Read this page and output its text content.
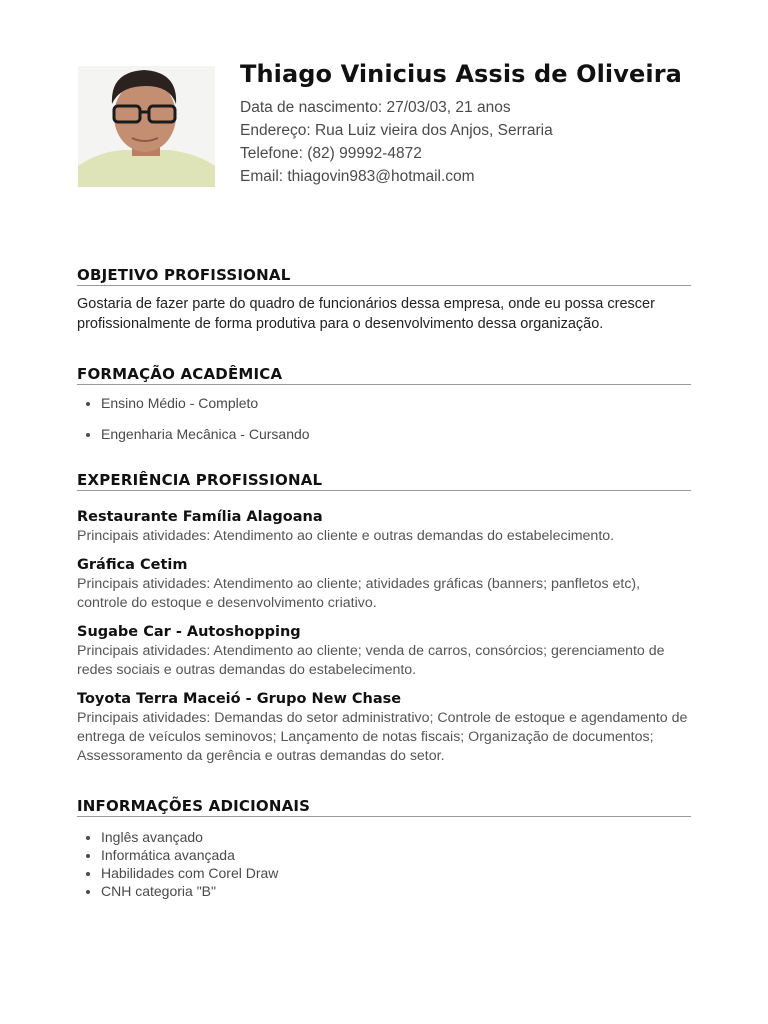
Thiago Vinicius Assis de Oliveira
Data de nascimento: 27/03/03, 21 anos
Endereço: Rua Luiz vieira dos Anjos, Serraria
Telefone: (82) 99992-4872
Email: thiagovin983@hotmail.com
OBJETIVO PROFISSIONAL

Gostaria de fazer parte do quadro de funcionários dessa empresa, onde eu possa crescer profissionalmente de forma produtiva para o desenvolvimento dessa organização.

FORMAÇÃO ACADÊMICA
• Ensino Médio - Completo
• Engenharia Mecânica - Cursando
EXPERIÊNCIA PROFISSIONAL
Restaurante Família Alagoana
Principais atividades: Atendimento ao cliente e outras demandas do estabelecimento.
Gráfica Cetim
Principais atividades: Atendimento ao cliente; atividades gráficas (banners; panfletos etc), controle do estoque e desenvolvimento criativo.
Sugabe Car - Autoshopping
Principais atividades: Atendimento ao cliente; venda de carros, consórcios; gerenciamento de redes sociais e outras demandas do estabelecimento.
Toyota Terra Maceió - Grupo New Chase
Principais atividades: Demandas do setor administrativo; Controle de estoque e agendamento de entrega de veículos seminovos; Lançamento de notas fiscais; Organização de documentos; Assessoramento da gerência e outras demandas do setor.
INFORMAÇÕES ADICIONAIS
• Inglês avançado
• Informática avançada
• Habilidades com Corel Draw
• CNH categoria "B"
